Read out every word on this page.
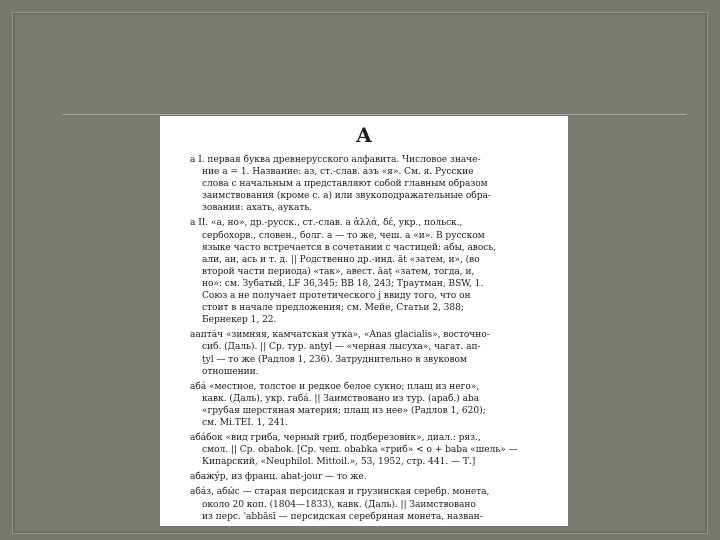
А
а I. первая буква древнерусского алфавита. Числовое значе-
ние а = 1. Название: аз, ст.-слав. азъ «я». См. я. Русские
слова с начальным а представляют собой главным образом
заимствования (кроме с. а) или звукоподражательные обра-
зования: ахать, аукать.
а II. «а, но», др.-русск., ст.-слав. а ἀλλά, δέ, укр., польск.,
сербохорв., словен., болг. а — то же, чеш. a «и». В русском
языке часто встречается в сочетании с частицей: абы, авось,
али, ан, ась и т. д. || Родственно др.-инд. āt «затем, и», (во
второй части периода) «так», авест. āaṭ «затем, тогда, и,
но»: см. Зубатый, LF 36,345; BB 18, 243; Траутман, BSW, 1.
Союз а не получает протетического j ввиду того, что он
стоит в начале предложения; см. Мейе, Статьи 2, 388;
Бернекер 1, 22.
аапта́ч «зимняя, камчатская утка», «Anas glacialis», восточно-
сиб. (Даль). || Ср. тур. ant̮yl — «черная лысуха», чагат. ап-
t̮yl — то же (Радлов 1, 236). Затруднительно в звуковом
отношении.
аба́ «местное, толстое и редкое белое сукно; плащ из него»,
кавк. (Даль), укр. габа́. || Заимствовано из тур. (араб.) aba
«грубая шерстяная материя; плащ из нее» (Радлов 1, 620);
см. Mi.TEI. 1, 241.
аба́бок «вид гриба, черный гриб, подберезовик», диал.: ряз.,
смол. || Ср. obabok. [Ср. чеш. obabka «гриб» < о + baba «шель» —
Кипарский, «Neuphilol. Mittoil.», 53, 1952, стр. 441. — Т.]
абажу́р, из франц. abat-jour — то же.
аба́з, абы́с — старая персидская и грузинская серебр. монета,
около 20 коп. (1804—1833), кавк. (Даль). || Заимствовано
из перс. 'abbāsī — персидская серебряная монета, назван-
